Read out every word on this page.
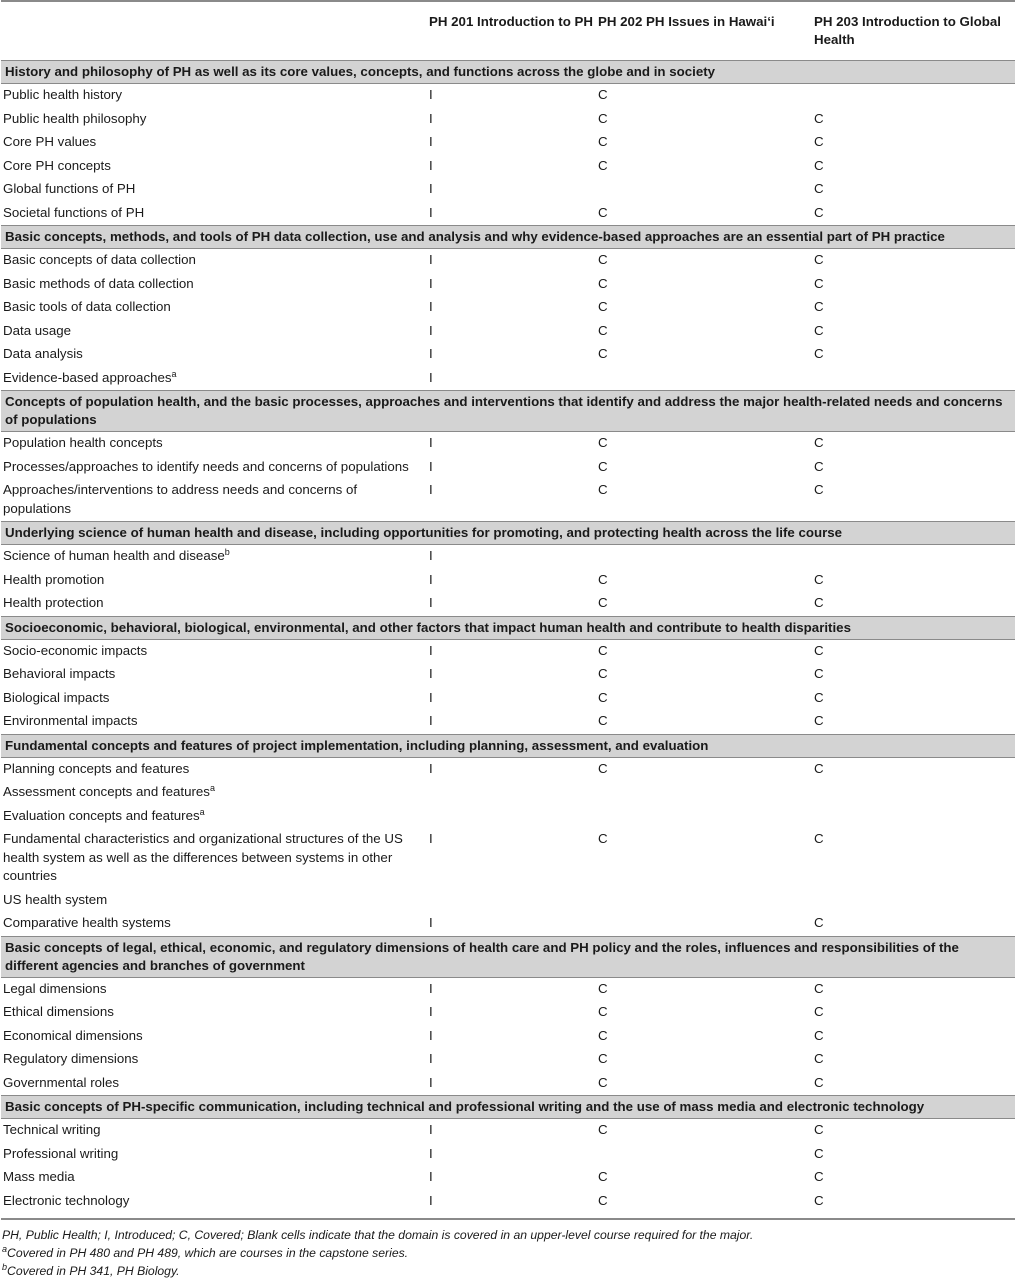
	PH 201 Introduction to PH	PH 202 PH Issues in Hawai‘i	PH 203 Introduction to Global Health
History and philosophy of PH as well as its core values, concepts, and functions across the globe and in society			
Public health history	I	C	
Public health philosophy	I	C	C
Core PH values	I	C	C
Core PH concepts	I	C	C
Global functions of PH	I		C
Societal functions of PH	I	C	C
Basic concepts, methods, and tools of PH data collection, use and analysis and why evidence-based approaches are an essential part of PH practice			
Basic concepts of data collection	I	C	C
Basic methods of data collection	I	C	C
Basic tools of data collection	I	C	C
Data usage	I	C	C
Data analysis	I	C	C
Evidence-based approaches$^a$	I		
Concepts of population health, and the basic processes, approaches and interventions that identify and address the major health-related needs and concerns of populations			
Population health concepts	I	C	C
Processes/approaches to identify needs and concerns of populations	I	C	C
Approaches/interventions to address needs and concerns of populations	I	C	C
Underlying science of human health and disease, including opportunities for promoting, and protecting health across the life course			
Science of human health and disease$^b$	I		
Health promotion	I	C	C
Health protection	I	C	C
Socioeconomic, behavioral, biological, environmental, and other factors that impact human health and contribute to health disparities			
Socio-economic impacts	I	C	C
Behavioral impacts	I	C	C
Biological impacts	I	C	C
Environmental impacts	I	C	C
Fundamental concepts and features of project implementation, including planning, assessment, and evaluation			
Planning concepts and features	I	C	C
Assessment concepts and features$^a$			
Evaluation concepts and features$^a$			
Fundamental characteristics and organizational structures of the US health system as well as the differences between systems in other countries	I	C	C
US health system			
Comparative health systems	I		C
Basic concepts of legal, ethical, economic, and regulatory dimensions of health care and PH policy and the roles, influences and responsibilities of the different agencies and branches of government			
Legal dimensions	I	C	C
Ethical dimensions	I	C	C
Economical dimensions	I	C	C
Regulatory dimensions	I	C	C
Governmental roles	I	C	C
Basic concepts of PH-specific communication, including technical and professional writing and the use of mass media and electronic technology			
Technical writing	I	C	C
Professional writing	I		C
Mass media	I	C	C
Electronic technology	I	C	C
PH, Public Health; I, Introduced; C, Covered; Blank cells indicate that the domain is covered in an upper-level course required for the major.
$^a$Covered in PH 480 and PH 489, which are courses in the capstone series.
$^b$Covered in PH 341, PH Biology.
